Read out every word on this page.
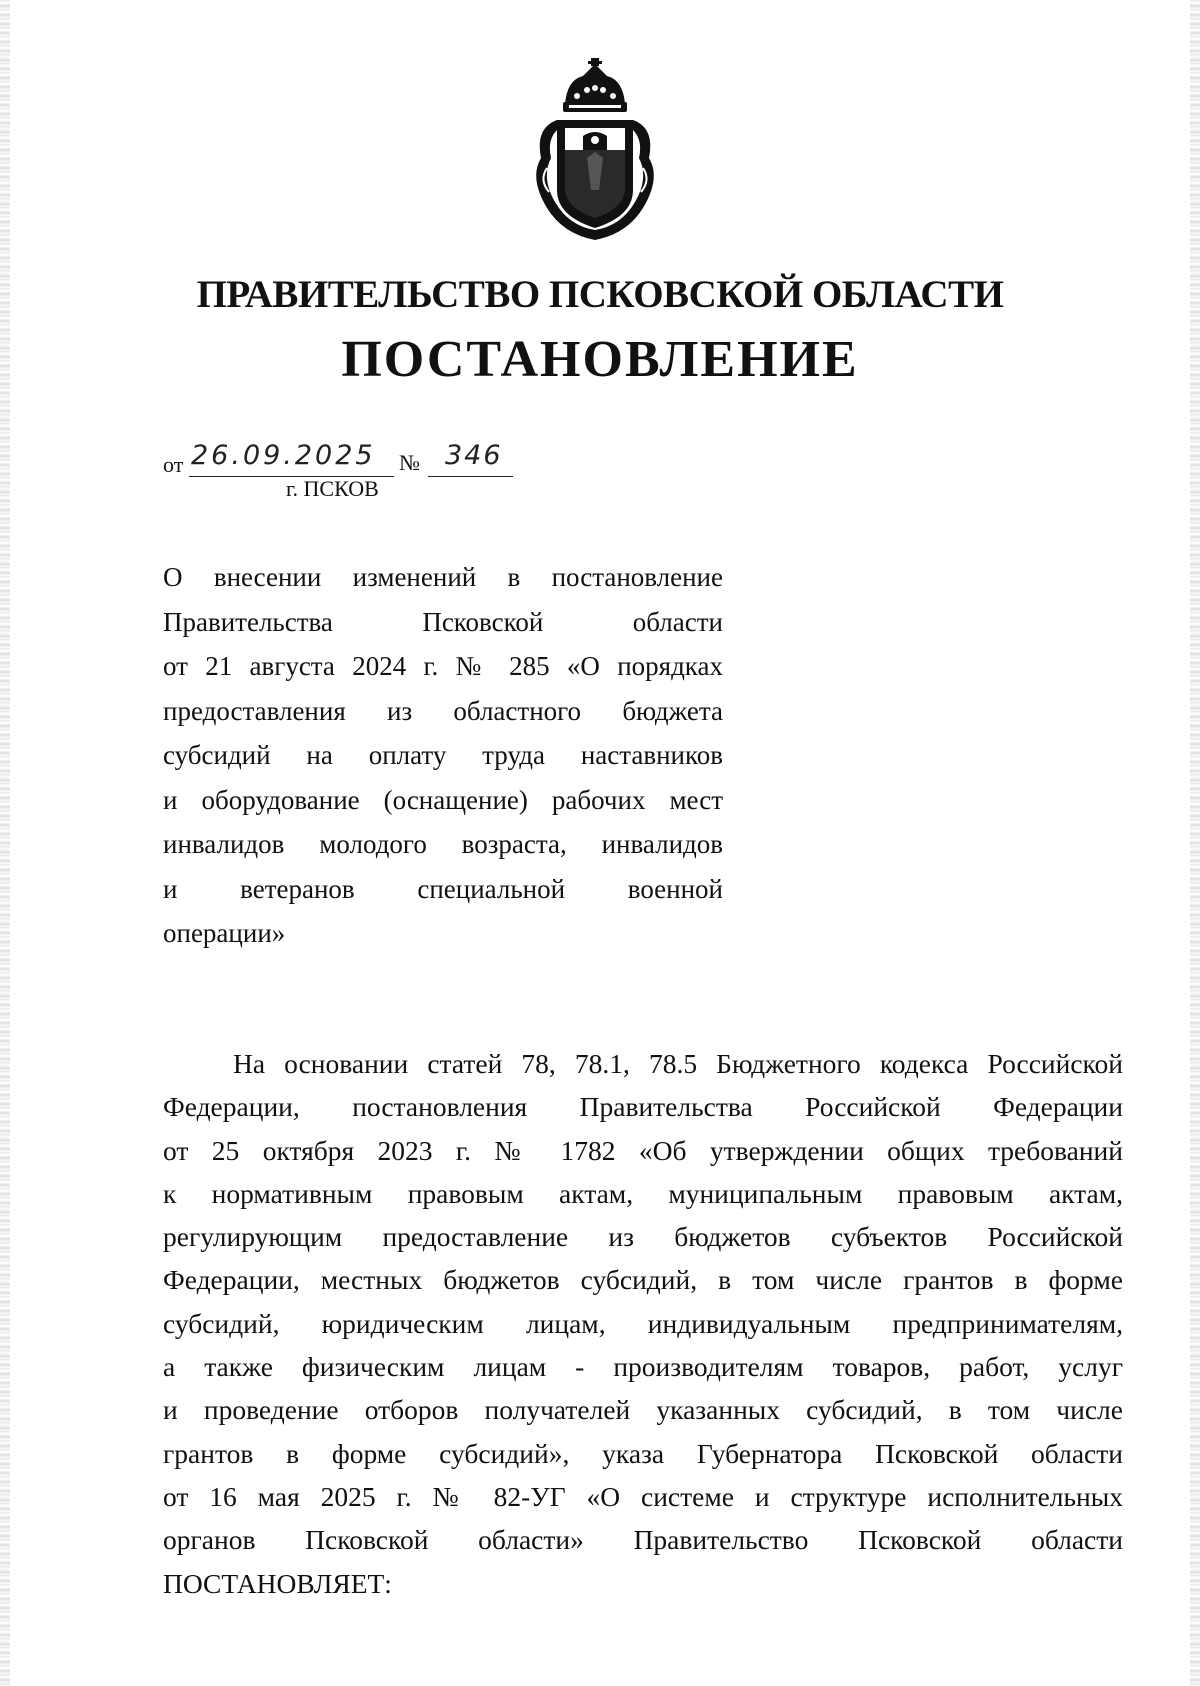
ПРАВИТЕЛЬСТВО ПСКОВСКОЙ ОБЛАСТИ
ПОСТАНОВЛЕНИЕ
от 26.09.2025	№ 346
г. ПСКОВ
О внесении изменений в постановление
Правительства Псковской области
от 21 августа 2024 г. № 285 «О порядках
предоставления из областного бюджета
субсидий на оплату труда наставников
и оборудование (оснащение) рабочих мест
инвалидов молодого возраста, инвалидов
и ветеранов специальной военной
операции»
На основании статей 78, 78.1, 78.5 Бюджетного кодекса Российской
Федерации, постановления Правительства Российской Федерации
от 25 октября 2023 г. № 1782 «Об утверждении общих требований
к нормативным правовым актам, муниципальным правовым актам,
регулирующим предоставление из бюджетов субъектов Российской
Федерации, местных бюджетов субсидий, в том числе грантов в форме
субсидий, юридическим лицам, индивидуальным предпринимателям,
а также физическим лицам - производителям товаров, работ, услуг
и проведение отборов получателей указанных субсидий, в том числе
грантов в форме субсидий», указа Губернатора Псковской области
от 16 мая 2025 г. № 82-УГ «О системе и структуре исполнительных
органов Псковской области» Правительство Псковской области
ПОСТАНОВЛЯЕТ:
